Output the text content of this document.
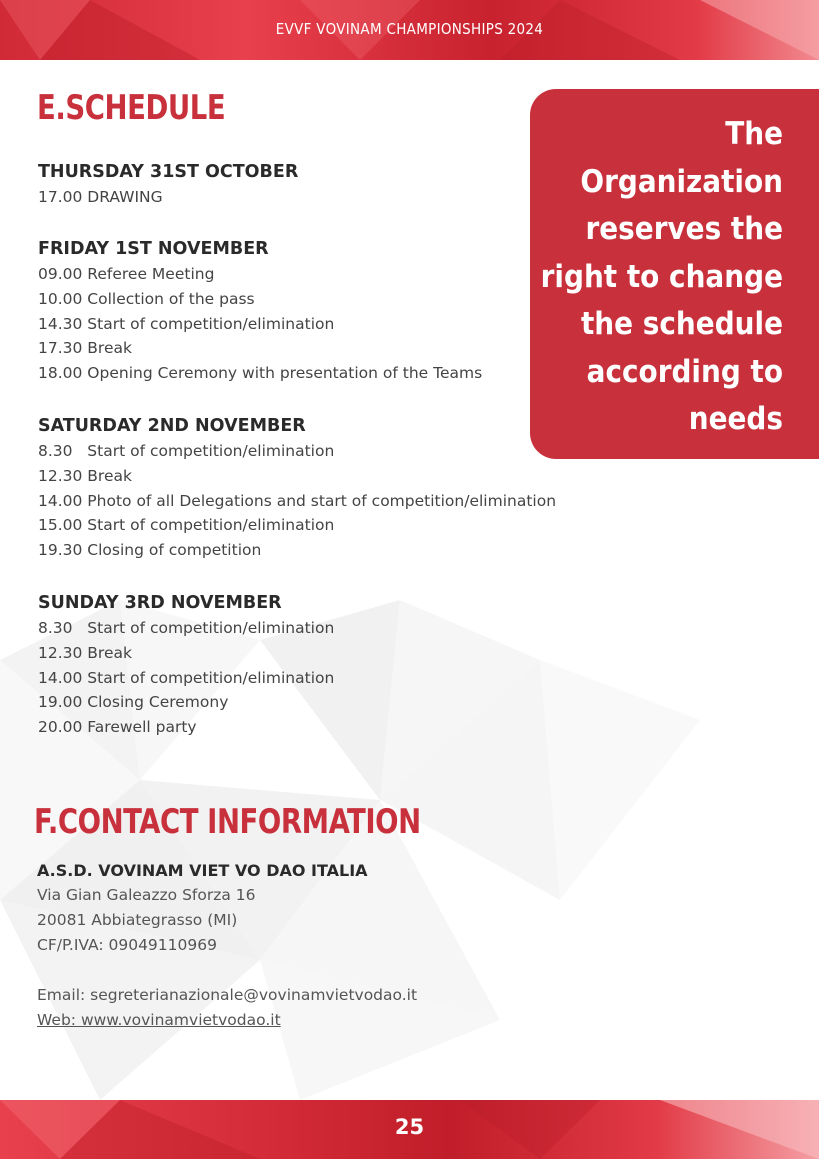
EVVF VOVINAM CHAMPIONSHIPS 2024
E.SCHEDULE
THURSDAY 31ST OCTOBER
17.00 DRAWING
FRIDAY 1ST NOVEMBER
09.00 Referee Meeting
10.00 Collection of the pass
14.30 Start of competition/elimination
17.30 Break
18.00 Opening Ceremony with presentation of the Teams
SATURDAY 2ND NOVEMBER
8.30   Start of competition/elimination
12.30 Break
14.00 Photo of all Delegations and start of competition/elimination
15.00 Start of competition/elimination
19.30 Closing of competition
SUNDAY 3RD NOVEMBER
8.30   Start of competition/elimination
12.30 Break
14.00 Start of competition/elimination
19.00 Closing Ceremony
20.00 Farewell party
The
Organization
reserves the
right to change
the schedule
according to
needs
F.CONTACT INFORMATION
A.S.D. VOVINAM VIET VO DAO ITALIA
Via Gian Galeazzo Sforza 16
20081 Abbiategrasso (MI)
CF/P.IVA: 09049110969
Email: segreterianazionale@vovinamvietvodao.it
Web: www.vovinamvietvodao.it
25
